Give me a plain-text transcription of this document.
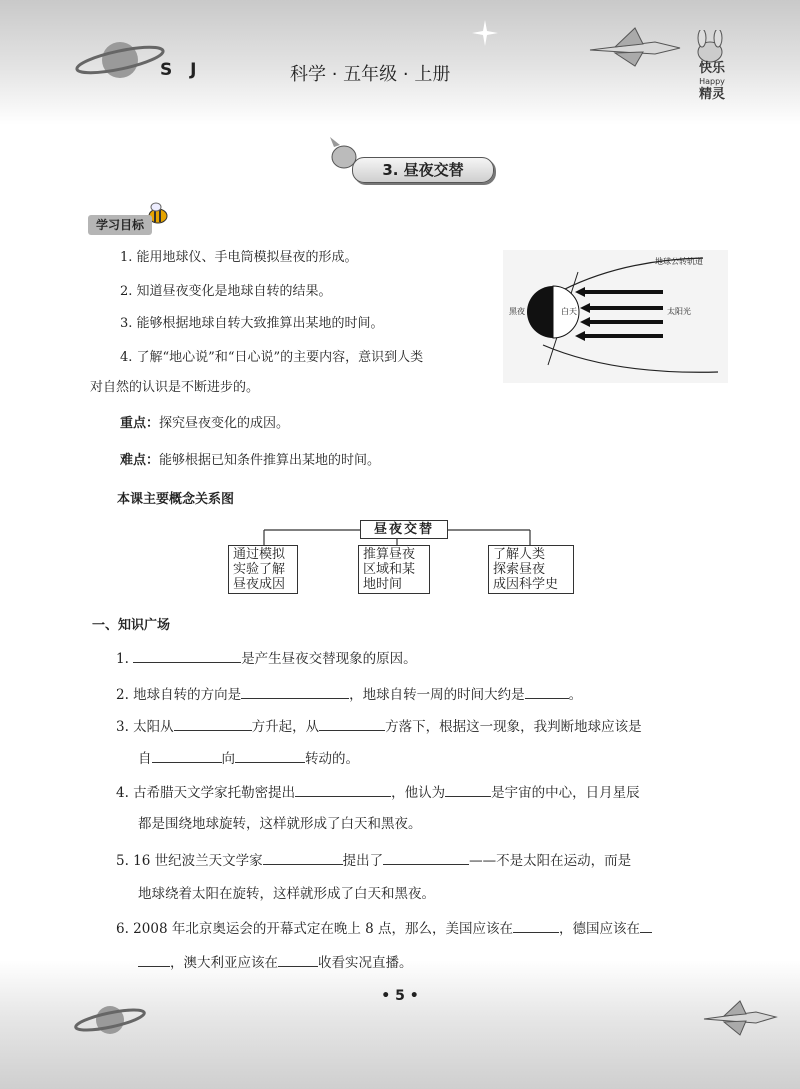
S J	科学 · 五年级 · 上册	快乐
Happy
精灵
3. 昼夜交替
学习目标
1. 能用地球仪、手电筒模拟昼夜的形成。
2. 知道昼夜变化是地球自转的结果。
3. 能够根据地球自转大致推算出某地的时间。
4. 了解“地心说”和“日心说”的主要内容，意识到人类
对自然的认识是不断进步的。
地球公转轨道
黑夜	白天	太阳光
重点：探究昼夜变化的成因。
难点：能够根据已知条件推算出某地的时间。
本课主要概念关系图
昼夜交替
通过模拟
实验了解
昼夜成因
推算昼夜
区域和某
地时间
了解人类
探索昼夜
成因科学史
一、知识广场
1.	是产生昼夜交替现象的原因。
2. 地球自转的方向是	，地球自转一周的时间大约是	。
3. 太阳从	方升起，从	方落下，根据这一现象，我判断地球应该是
自	向	转动的。
4. 古希腊天文学家托勒密提出	，他认为	是宇宙的中心，日月星辰
都是围绕地球旋转，这样就形成了白天和黑夜。
5. 16 世纪波兰天文学家	提出了	——不是太阳在运动，而是
地球绕着太阳在旋转，这样就形成了白天和黑夜。
6. 2008 年北京奥运会的开幕式定在晚上 8 点，那么，美国应该在	，德国应该在
，澳大利亚应该在	收看实况直播。
• 5 •
